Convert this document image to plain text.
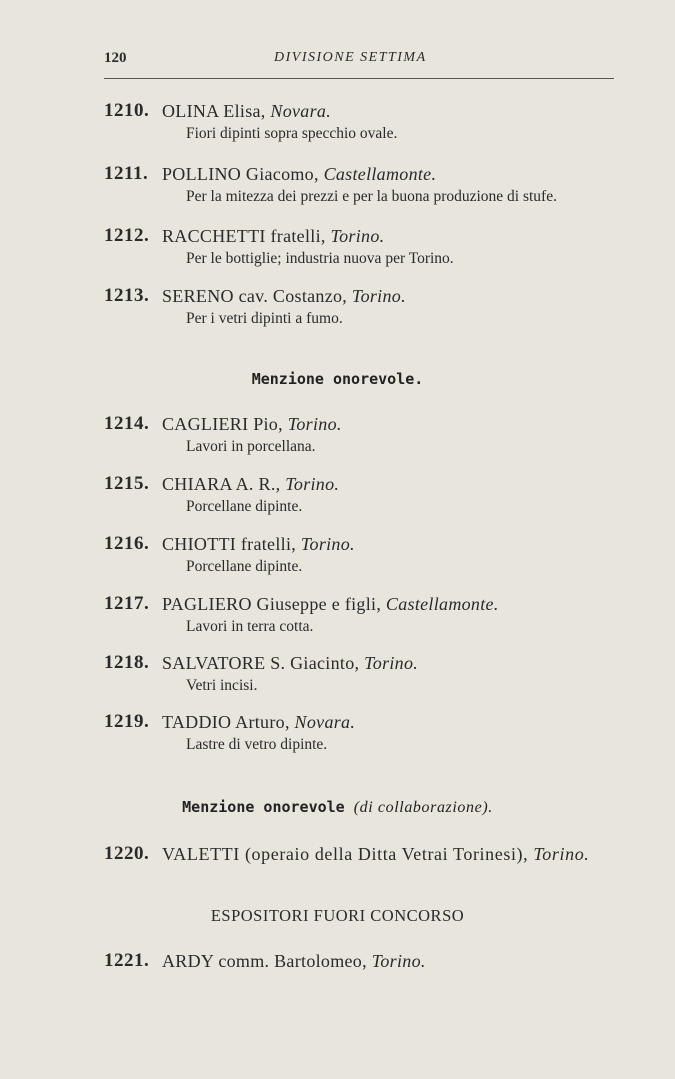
120	DIVISIONE SETTIMA
1210. OLINA Elisa, Novara.
Fiori dipinti sopra specchio ovale.
1211. POLLINO Giacomo, Castellamonte.
Per la mitezza dei prezzi e per la buona produzione di stufe.
1212. RACCHETTI fratelli, Torino.
Per le bottiglie; industria nuova per Torino.
1213. SERENO cav. Costanzo, Torino.
Per i vetri dipinti a fumo.
Menzione onorevole.
1214. CAGLIERI Pio, Torino.
Lavori in porcellana.
1215. CHIARA A. R., Torino.
Porcellane dipinte.
1216. CHIOTTI fratelli, Torino.
Porcellane dipinte.
1217. PAGLIERO Giuseppe e figli, Castellamonte.
Lavori in terra cotta.
1218. SALVATORE S. Giacinto, Torino.
Vetri incisi.
1219. TADDIO Arturo, Novara.
Lastre di vetro dipinte.
Menzione onorevole (di collaborazione).
1220. VALETTI (operaio della Ditta Vetrai Torinesi), Torino.
ESPOSITORI FUORI CONCORSO
1221. ARDY comm. Bartolomeo, Torino.
